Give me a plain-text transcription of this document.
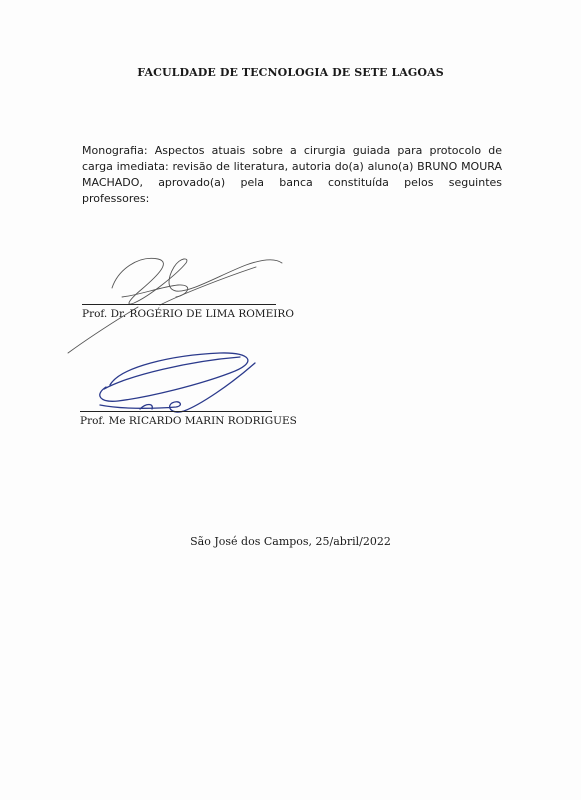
FACULDADE DE TECNOLOGIA DE SETE LAGOAS
Monografia: Aspectos atuais sobre a cirurgia guiada para protocolo de carga imediata: revisão de literatura, autoria do(a) aluno(a) BRUNO MOURA MACHADO, aprovado(a) pela banca constituída pelos seguintes professores:
Prof. Dr. ROGÉRIO DE LIMA ROMEIRO
Prof. Me RICARDO MARIN RODRIGUES
São José dos Campos, 25/abril/2022
